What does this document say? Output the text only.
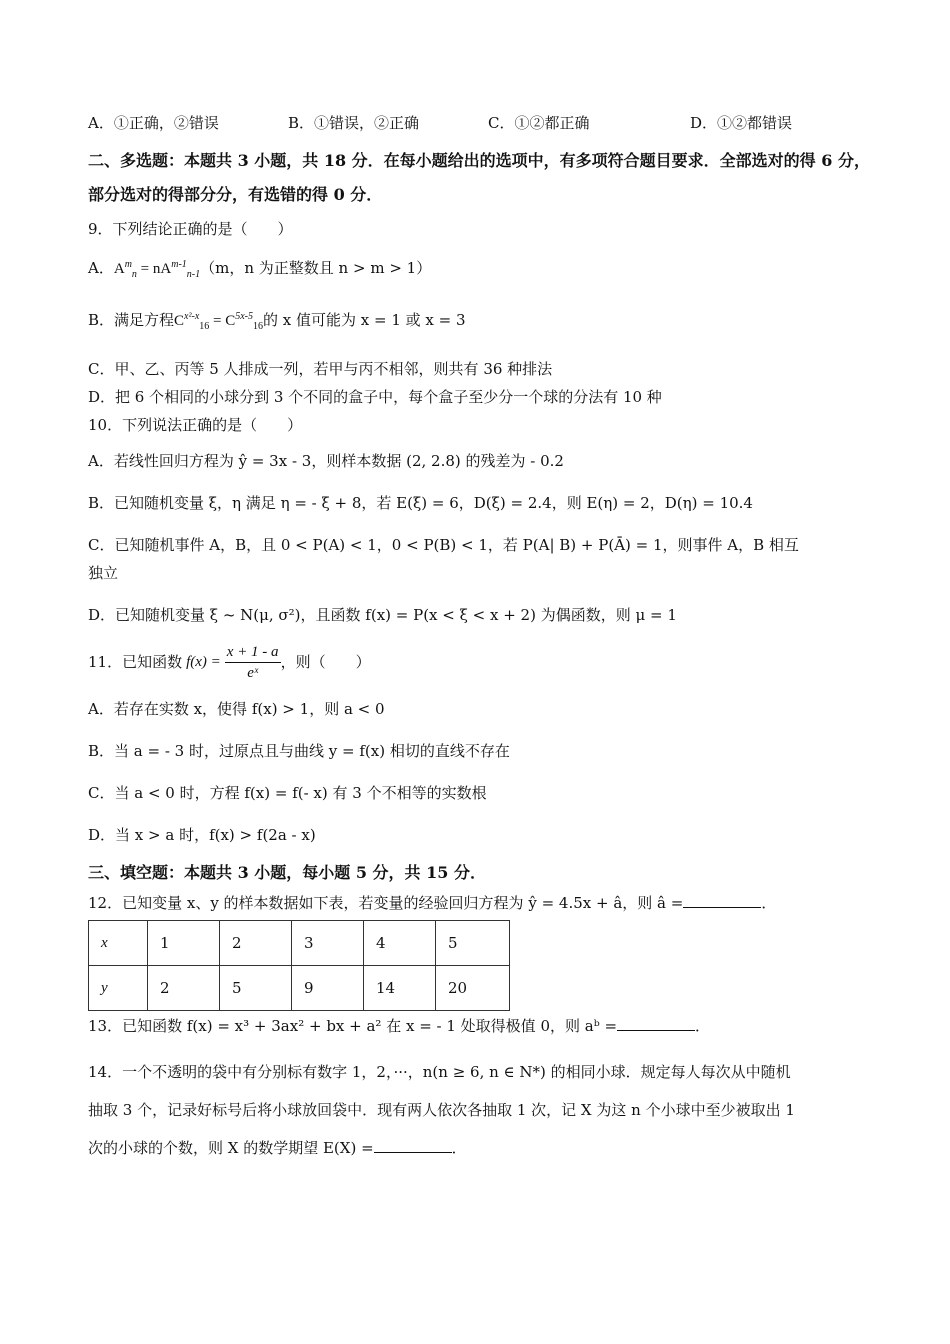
A．①正确，②错误	B．①错误，②正确	C．①②都正确	D．①②都错误
二、多选题：本题共 3 小题，共 18 分．在每小题给出的选项中，有多项符合题目要求．全部选对的得 6 分，部分选对的得部分分，有选错的得 0 分．
9．下列结论正确的是（　　）
A．$A^m_n = nA^{m-1}_{n-1}(m$，n 为正整数且 n > m > 1）
B．满足方程$C^{x^2-x}_{16} = C^{5x-5}_{16}$的 x 值可能为 x = 1 或 x = 3
C．甲、乙、丙等 5 人排成一列，若甲与丙不相邻，则共有 36 种排法
D．把 6 个相同的小球分到 3 个不同的盒子中，每个盒子至少分一个球的分法有 10 种
10．下列说法正确的是（　　）
A．若线性回归方程为 ŷ = 3x - 3，则样本数据 (2, 2.8) 的残差为 - 0.2
B．已知随机变量 ξ，η 满足 η = - ξ + 8，若 E(ξ) = 6，D(ξ) = 2.4，则 E(η) = 2，D(η) = 10.4
C．已知随机事件 A，B，且 0 < P(A) < 1，0 < P(B) < 1，若 P(A| B) + P(Ā) = 1，则事件 A，B 相互
独立
D．已知随机变量 ξ ~ N(μ, σ²)，且函数 f(x) = P(x < ξ < x + 2) 为偶函数，则 μ = 1
11．已知函数 $f(x) = \frac{x + 1 - a}{\text{eˣ}}$ ，则（　　）
A．若存在实数 x，使得 f(x) > 1，则 a < 0
B．当 a = - 3 时，过原点且与曲线 y = f(x) 相切的直线不存在
C．当 a < 0 时，方程 f(x) = f(- x) 有 3 个不相等的实数根
D．当 x > a 时，f(x) > f(2a - x)
三、填空题：本题共 3 小题，每小题 5 分，共 15 分．
12．已知变量 x、y 的样本数据如下表，若变量的经验回归方程为 ŷ = 4.5x + â，则 â =	．
x	1	2	3	4	5
y	2	5	9	14	20
13．已知函数 f(x) = x³ + 3ax² + bx + a² 在 x = - 1 处取得极值 0，则 aᵇ =	．
14．一个不透明的袋中有分别标有数字 1，2，···，n(n ≥ 6, n ∈ N*) 的相同小球．规定每人每次从中随机
抽取 3 个，记录好标号后将小球放回袋中．现有两人依次各抽取 1 次，记 X 为这 n 个小球中至少被取出 1
次的小球的个数，则 X 的数学期望 E(X) =	．
